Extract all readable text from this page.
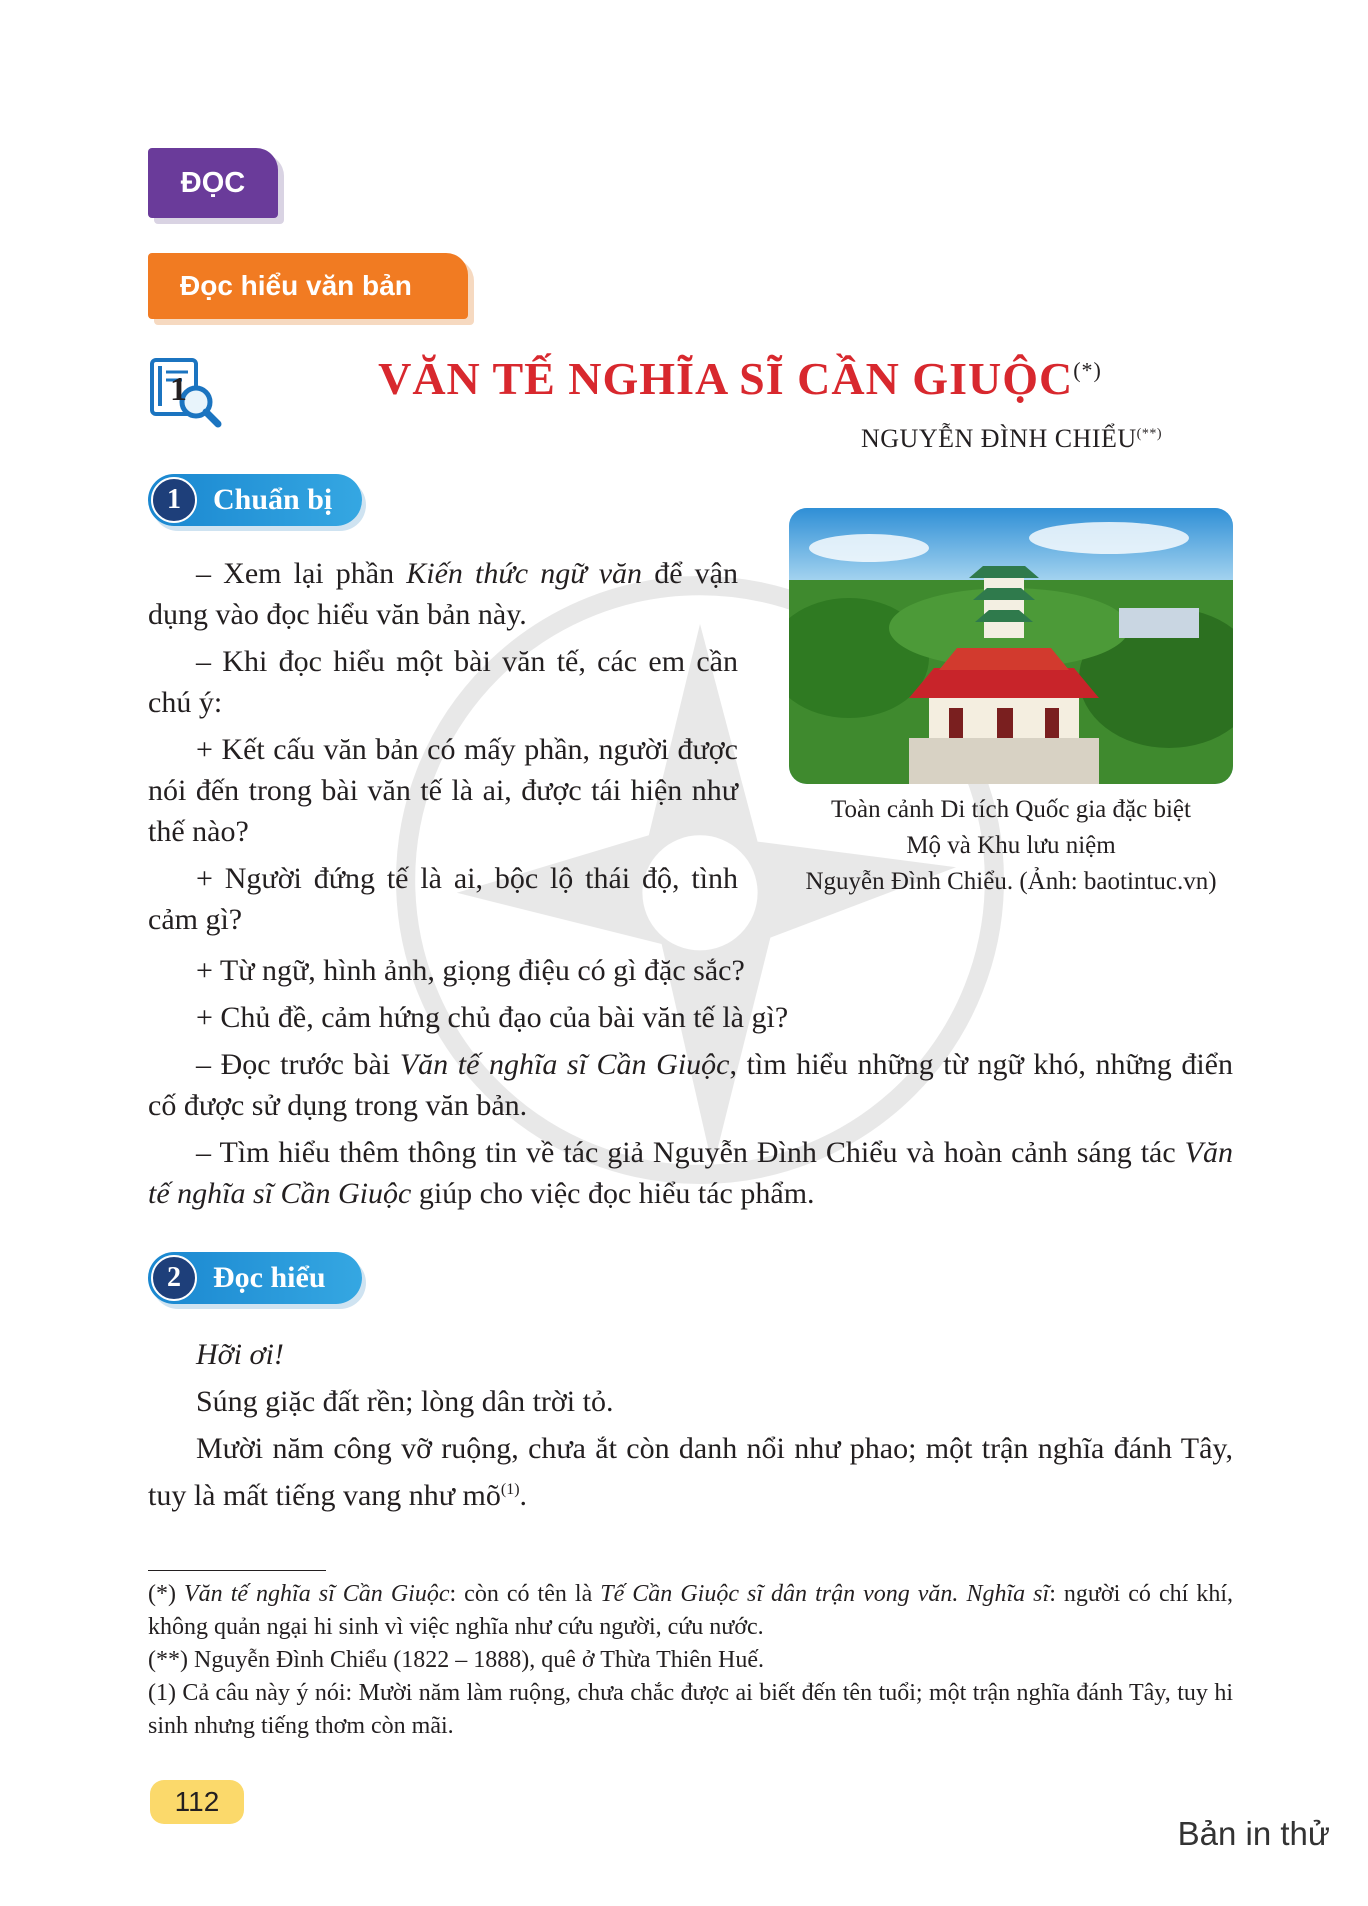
ĐỌC
Đọc hiểu văn bản
1	VĂN TẾ NGHĨA SĨ CẦN GIUỘC(*)
NGUYỄN ĐÌNH CHIỂU(**)
1	Chuẩn bị

– Xem lại phần Kiến thức ngữ văn để vận dụng vào đọc hiểu văn bản này.

– Khi đọc hiểu một bài văn tế, các em cần chú ý:

+ Kết cấu văn bản có mấy phần, người được nói đến trong bài văn tế là ai, được tái hiện như thế nào?

+ Người đứng tế là ai, bộc lộ thái độ, tình cảm gì?

+ Từ ngữ, hình ảnh, giọng điệu có gì đặc sắc?

+ Chủ đề, cảm hứng chủ đạo của bài văn tế là gì?

– Đọc trước bài Văn tế nghĩa sĩ Cần Giuộc, tìm hiểu những từ ngữ khó, những điển cố được sử dụng trong văn bản.

– Tìm hiểu thêm thông tin về tác giả Nguyễn Đình Chiểu và hoàn cảnh sáng tác Văn tế nghĩa sĩ Cần Giuộc giúp cho việc đọc hiểu tác phẩm.

Toàn cảnh Di tích Quốc gia đặc biệt
Mộ và Khu lưu niệm
Nguyễn Đình Chiểu. (Ảnh: baotintuc.vn)
2	Đọc hiểu

Hỡi ơi!

Súng giặc đất rền; lòng dân trời tỏ.

Mười năm công vỡ ruộng, chưa ắt còn danh nổi như phao; một trận nghĩa đánh Tây, tuy là mất tiếng vang như $mõ^{(1)}$.

(*) Văn tế nghĩa sĩ Cần Giuộc: còn có tên là Tế Cần Giuộc sĩ dân trận vong văn. Nghĩa sĩ: người có chí khí, không quản ngại hi sinh vì việc nghĩa như cứu người, cứu nước.

(**) Nguyễn Đình Chiểu (1822 – 1888), quê ở Thừa Thiên Huế.

(1) Cả câu này ý nói: Mười năm làm ruộng, chưa chắc được ai biết đến tên tuổi; một trận nghĩa đánh Tây, tuy hi sinh nhưng tiếng thơm còn mãi.

112
Bản in thử
